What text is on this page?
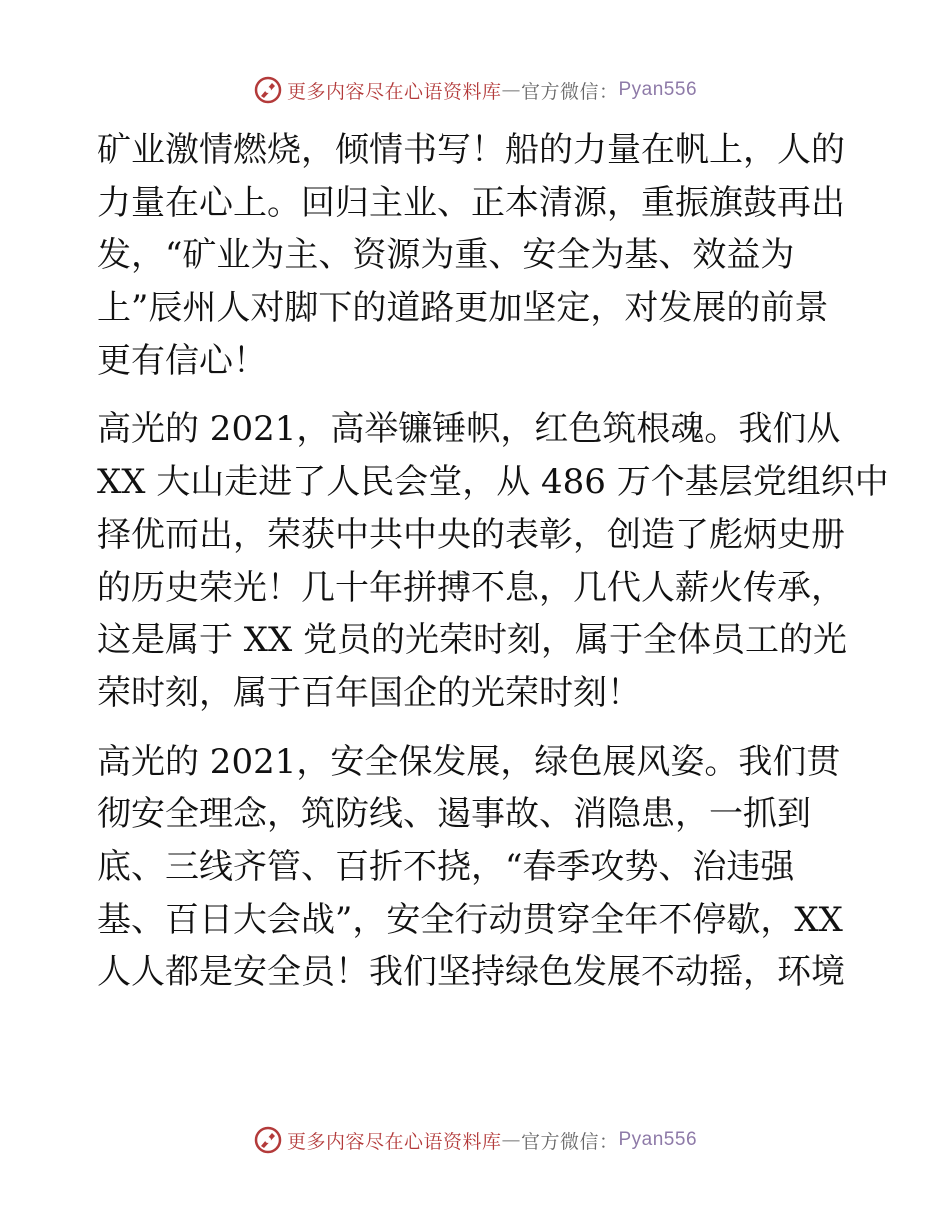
更多内容尽在心语资料库 — 官方微信： Pyan556
矿业激情燃烧，倾情书写！船的力量在帆上，人的
力量在心上。回归主业、正本清源，重振旗鼓再出
发，“矿业为主、资源为重、安全为基、效益为
上”辰州人对脚下的道路更加坚定，对发展的前景
更有信心！
高光的 2021，高举镰锤帜，红色筑根魂。我们从
XX 大山走进了人民会堂，从 486 万个基层党组织中
择优而出，荣获中共中央的表彰，创造了彪炳史册
的历史荣光！几十年拼搏不息，几代人薪火传承，
这是属于 XX 党员的光荣时刻，属于全体员工的光
荣时刻，属于百年国企的光荣时刻！
高光的 2021，安全保发展，绿色展风姿。我们贯
彻安全理念，筑防线、遏事故、消隐患，一抓到
底、三线齐管、百折不挠，“春季攻势、治违强
基、百日大会战”，安全行动贯穿全年不停歇，XX
人人都是安全员！我们坚持绿色发展不动摇，环境
更多内容尽在心语资料库 — 官方微信： Pyan556
